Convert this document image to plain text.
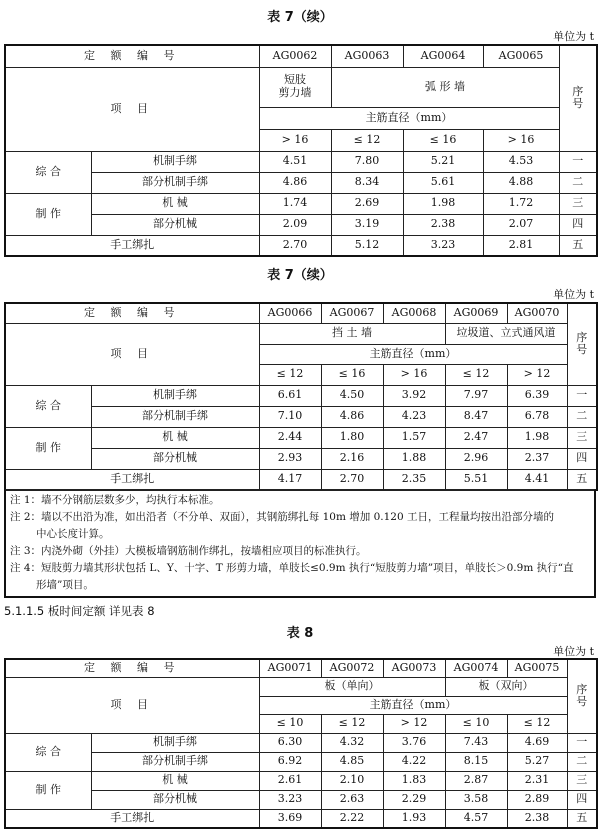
表 7（续）
单位为 t
定 额 编 号		AG0062	AG0063	AG0064	AG0065	序
号
项 目		短肢
剪力墙	弧 形 墙			
		主筋直径（mm）				
		> 16	≤ 12	≤ 16	> 16	
综 合	机制手绑	4.51	7.80	5.21	4.53	一
	部分机制手绑	4.86	8.34	5.61	4.88	二
制 作	机 械	1.74	2.69	1.98	1.72	三
	部分机械	2.09	3.19	2.38	2.07	四
手工绑扎		2.70	5.12	3.23	2.81	五
表 7（续）
单位为 t
定 额 编 号		AG0066	AG0067	AG0068	AG0069	AG0070	序
号
项 目		挡 土 墙			垃圾道、立式通风道		
		主筋直径（mm）					
		≤ 12	≤ 16	> 16	≤ 12	> 12	
综 合	机制手绑	6.61	4.50	3.92	7.97	6.39	一
	部分机制手绑	7.10	4.86	4.23	8.47	6.78	二
制 作	机 械	2.44	1.80	1.57	2.47	1.98	三
	部分机械	2.93	2.16	1.88	2.96	2.37	四
手工绑扎		4.17	2.70	2.35	5.51	4.41	五
注 1：墙不分钢筋层数多少，均执行本标准。
注 2：墙以不出沿为准，如出沿者（不分单、双面），其钢筋绑扎每 10m 增加 0.120 工日，工程量均按出沿部分墙的
中心长度计算。
注 3：内浇外砌（外挂）大模板墙钢筋制作绑扎，按墙相应项目的标准执行。
注 4：短肢剪力墙其形状包括 L、Y、十字、T 形剪力墙，单肢长≤0.9m 执行“短肢剪力墙”项目，单肢长＞0.9m 执行“直
形墙”项目。
5.1.1.5 板时间定额 详见表 8
表 8
单位为 t
定 额 编 号		AG0071	AG0072	AG0073	AG0074	AG0075	序
号
项 目		板（单向）			板（双向）		
		主筋直径（mm）					
		≤ 10	≤ 12	> 12	≤ 10	≤ 12	
综 合	机制手绑	6.30	4.32	3.76	7.43	4.69	一
	部分机制手绑	6.92	4.85	4.22	8.15	5.27	二
制 作	机 械	2.61	2.10	1.83	2.87	2.31	三
	部分机械	3.23	2.63	2.29	3.58	2.89	四
手工绑扎		3.69	2.22	1.93	4.57	2.38	五
